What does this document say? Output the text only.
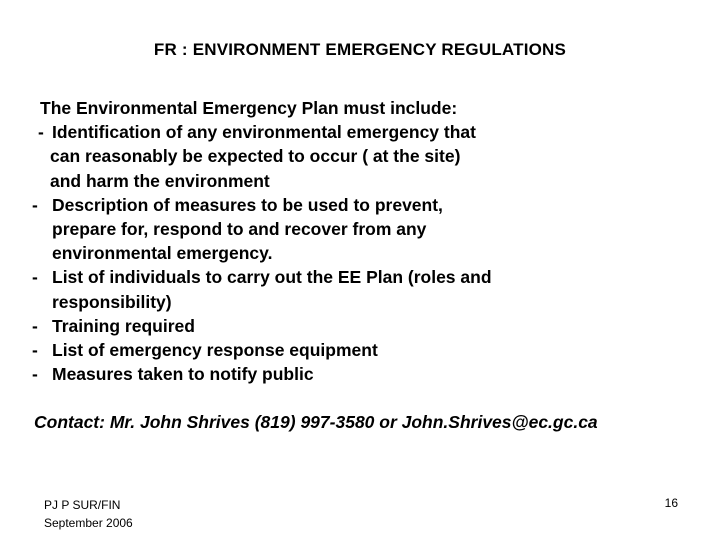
FR : ENVIRONMENT EMERGENCY REGULATIONS
The Environmental Emergency Plan must include:
- Identification of any environmental emergency that
can reasonably be expected to occur ( at the site)
and harm the environment
- Description of measures to be used to prevent,
prepare for, respond to and recover from any
environmental emergency.
- List of individuals to carry out the EE Plan (roles and
responsibility)
- Training required
- List of emergency response equipment
- Measures taken to notify public
Contact: Mr. John Shrives (819) 997-3580 or John.Shrives@ec.gc.ca
PJ P SUR/FIN
September 2006
16
